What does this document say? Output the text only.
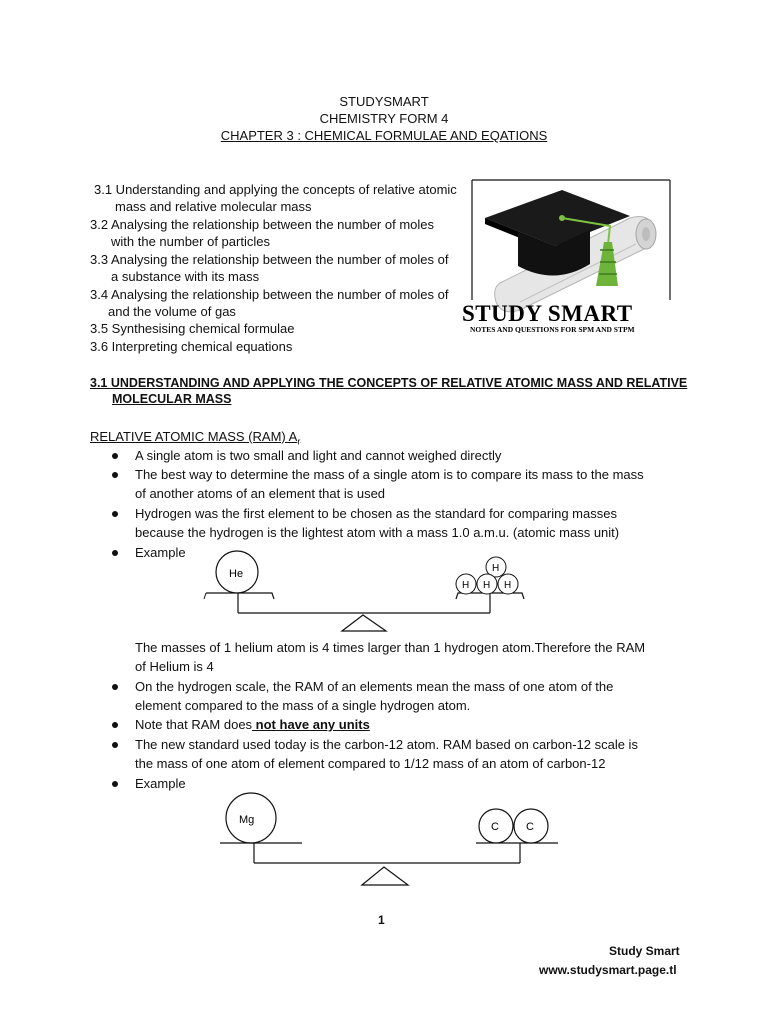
STUDYSMART
CHEMISTRY FORM 4
CHAPTER 3 : CHEMICAL FORMULAE AND EQATIONS
3.1 Understanding and applying the concepts of relative atomic
mass and relative molecular mass
3.2 Analysing the relationship between the number of moles
with the number of particles
3.3 Analysing the relationship between the number of moles of
a substance with its mass
3.4 Analysing the relationship between the number of moles of
and the volume of gas
3.5 Synthesising chemical formulae
3.6 Interpreting chemical equations
STUDY SMART
NOTES AND QUESTIONS FOR SPM AND STPM
3.1 UNDERSTANDING AND APPLYING THE CONCEPTS OF RELATIVE ATOMIC MASS AND RELATIVE
MOLECULAR MASS
RELATIVE ATOMIC MASS (RAM) $A_r$
A single atom is two small and light and cannot weighed directly
The best way to determine the mass of a single atom is to compare its mass to the mass
of another atoms of an element that is used
Hydrogen was the first element to be chosen as the standard for comparing masses
because the hydrogen is the lightest atom with a mass 1.0 a.m.u. (atomic mass unit)
Example
He	H
H H H
The masses of 1 helium atom is 4 times larger than 1 hydrogen atom.Therefore the RAM
of Helium is 4
On the hydrogen scale, the RAM of an elements mean the mass of one atom of the
element compared to the mass of a single hydrogen atom.
Note that RAM does not have any units
The new standard used today is the carbon-12 atom. RAM based on carbon-12 scale is
the mass of one atom of element compared to 1/12 mass of an atom of carbon-12
Example
Mg
C C
1
Study Smart
www.studysmart.page.tl
